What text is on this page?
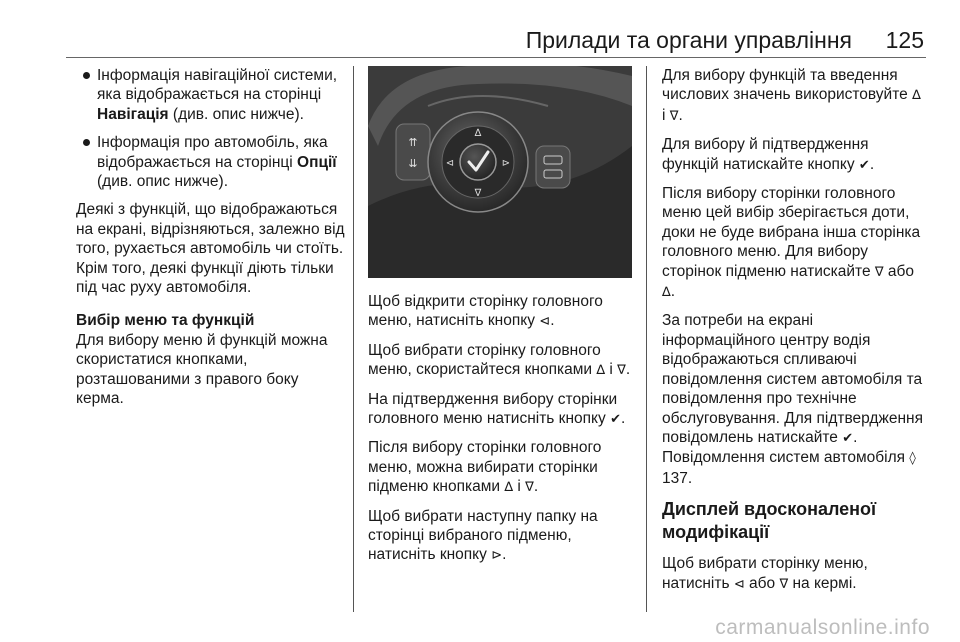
Прилади та органи управління 125
Інформація навігаційної системи, яка відображається на сторінці Навігація (див. опис нижче).
Інформація про автомобіль, яка відображається на сторінці Опції (див. опис нижче).

Деякі з функцій, що відображаються на екрані, відрізняються, залежно від того, рухається автомобіль чи стоїть. Крім того, деякі функції діють тільки під час руху автомобіля.

Вибір меню та функцій

Для вибору меню й функцій можна скористатися кнопками, розташованими з правого боку керма.

⇈
⇊
∆
∇
⊲	⊳

Щоб відкрити сторінку головного меню, натисніть кнопку ⊲.

Щоб вибрати сторінку головного меню, скористайтеся кнопками ∆ і ∇.

На підтвердження вибору сторінки головного меню натисніть кнопку ✔.

Після вибору сторінки головного меню, можна вибирати сторінки підменю кнопками ∆ і ∇.

Щоб вибрати наступну папку на сторінці вибраного підменю, натисніть кнопку ⊳.

Для вибору функцій та введення числових значень використовуйте ∆ і ∇.

Для вибору й підтвердження функцій натискайте кнопку ✔.

Після вибору сторінки головного меню цей вибір зберігається доти, доки не буде вибрана інша сторінка головного меню. Для вибору сторінок підменю натискайте ∇ або ∆.

За потреби на екрані інформаційного центру водія відображаються спливаючі повідомлення систем автомобіля та повідомлення про технічне обслуговування. Для підтвердження повідомлень натискайте ✔. Повідомлення систем автомобіля ◊ 137.

Дисплей вдосконаленої модифікації

Щоб вибрати сторінку меню, натисніть ⊲ або ∇ на кермі.

carmanualsonline.info
